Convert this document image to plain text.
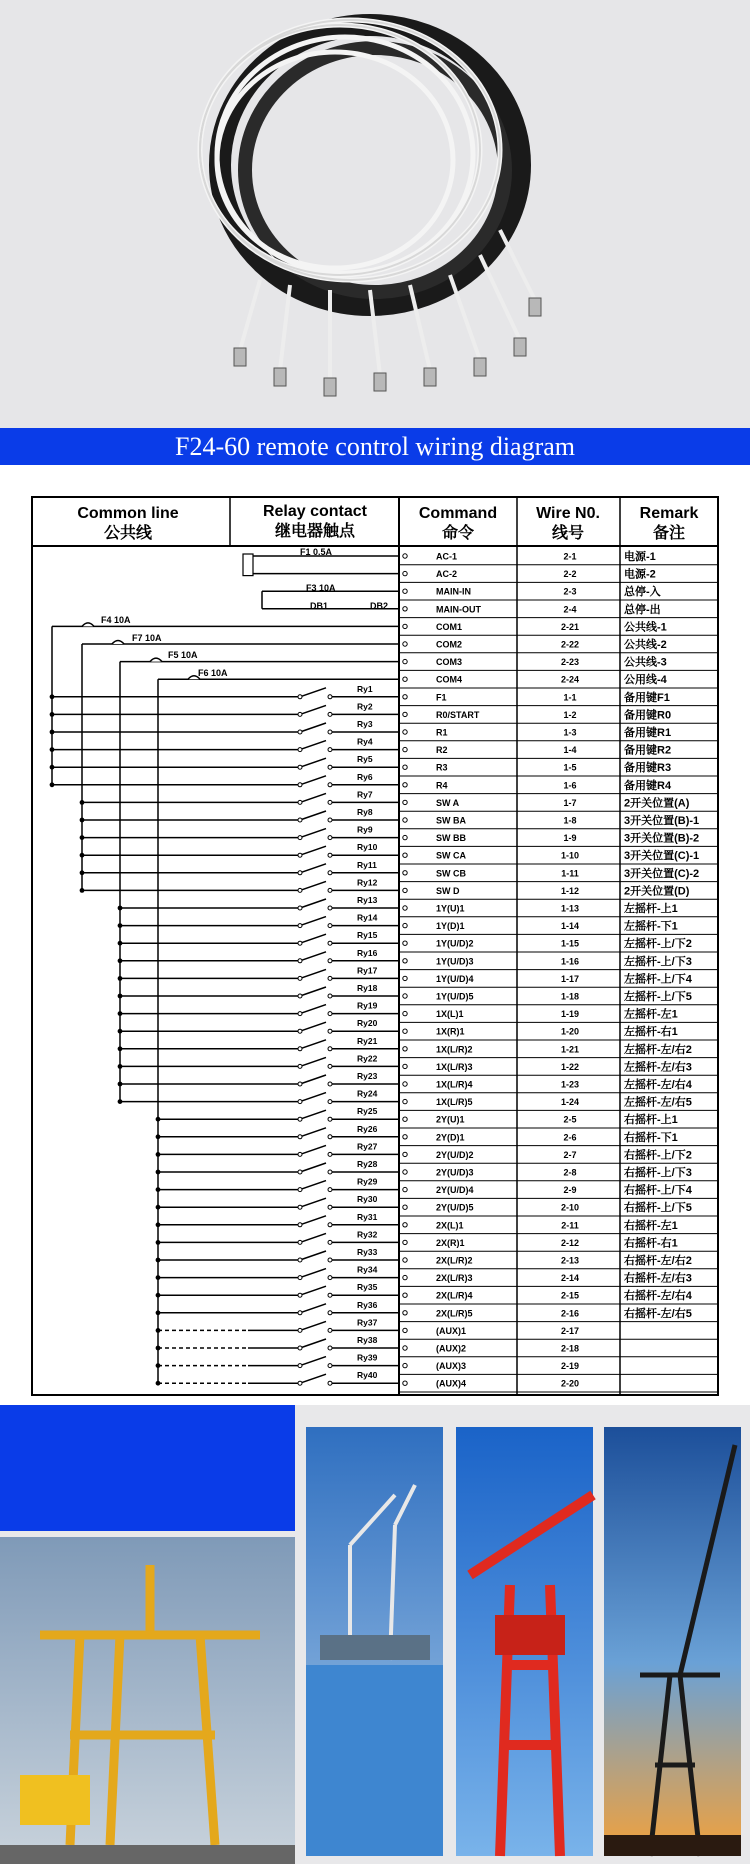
F24-60 remote control wiring diagram
Common line
公共线
Relay contact
继电器触点
Command
命令
Wire N0.
线号
Remark
备注
F1 0.5A
F3 10A
DB1	DB2
F4 10A
F7 10A
F5 10A
F6 10A
AC-1	2-1	电源-1
AC-2	2-2	电源-2
MAIN-IN	2-3	总停-入
MAIN-OUT	2-4	总停-出
COM1	2-21	公共线-1
COM2	2-22	公共线-2
COM3	2-23	公共线-3
COM4	2-24	公用线-4
F1	1-1	备用键F1
R0/START	1-2	备用键R0
R1	1-3	备用键R1
R2	1-4	备用键R2
R3	1-5	备用键R3
R4	1-6	备用键R4
SW A	1-7	2开关位置(A)
SW BA	1-8	3开关位置(B)-1
SW BB	1-9	3开关位置(B)-2
SW CA	1-10	3开关位置(C)-1
SW CB	1-11	3开关位置(C)-2
SW D	1-12	2开关位置(D)
1Y(U)1	1-13	左摇杆-上1
1Y(D)1	1-14	左摇杆-下1
1Y(U/D)2	1-15	左摇杆-上/下2
1Y(U/D)3	1-16	左摇杆-上/下3
1Y(U/D)4	1-17	左摇杆-上/下4
1Y(U/D)5	1-18	左摇杆-上/下5
1X(L)1	1-19	左摇杆-左1
1X(R)1	1-20	左摇杆-右1
1X(L/R)2	1-21	左摇杆-左/右2
1X(L/R)3	1-22	左摇杆-左/右3
1X(L/R)4	1-23	左摇杆-左/右4
1X(L/R)5	1-24	左摇杆-左/右5
2Y(U)1	2-5	右摇杆-上1
2Y(D)1	2-6	右摇杆-下1
2Y(U/D)2	2-7	右摇杆-上/下2
2Y(U/D)3	2-8	右摇杆-上/下3
2Y(U/D)4	2-9	右摇杆-上/下4
2Y(U/D)5	2-10	右摇杆-上/下5
2X(L)1	2-11	右摇杆-左1
2X(R)1	2-12	右摇杆-右1
2X(L/R)2	2-13	右摇杆-左/右2
2X(L/R)3	2-14	右摇杆-左/右3
2X(L/R)4	2-15	右摇杆-左/右4
2X(L/R)5	2-16	右摇杆-左/右5
(AUX)1	2-17
(AUX)2	2-18
(AUX)3	2-19
(AUX)4	2-20
Ry1
Ry2
Ry3
Ry4
Ry5
Ry6
Ry7
Ry8
Ry9
Ry10
Ry11
Ry12
Ry13
Ry14
Ry15
Ry16
Ry17
Ry18
Ry19
Ry20
Ry21
Ry22
Ry23
Ry24
Ry25
Ry26
Ry27
Ry28
Ry29
Ry30
Ry31
Ry32
Ry33
Ry34
Ry35
Ry36
Ry37
Ry38
Ry39
Ry40
